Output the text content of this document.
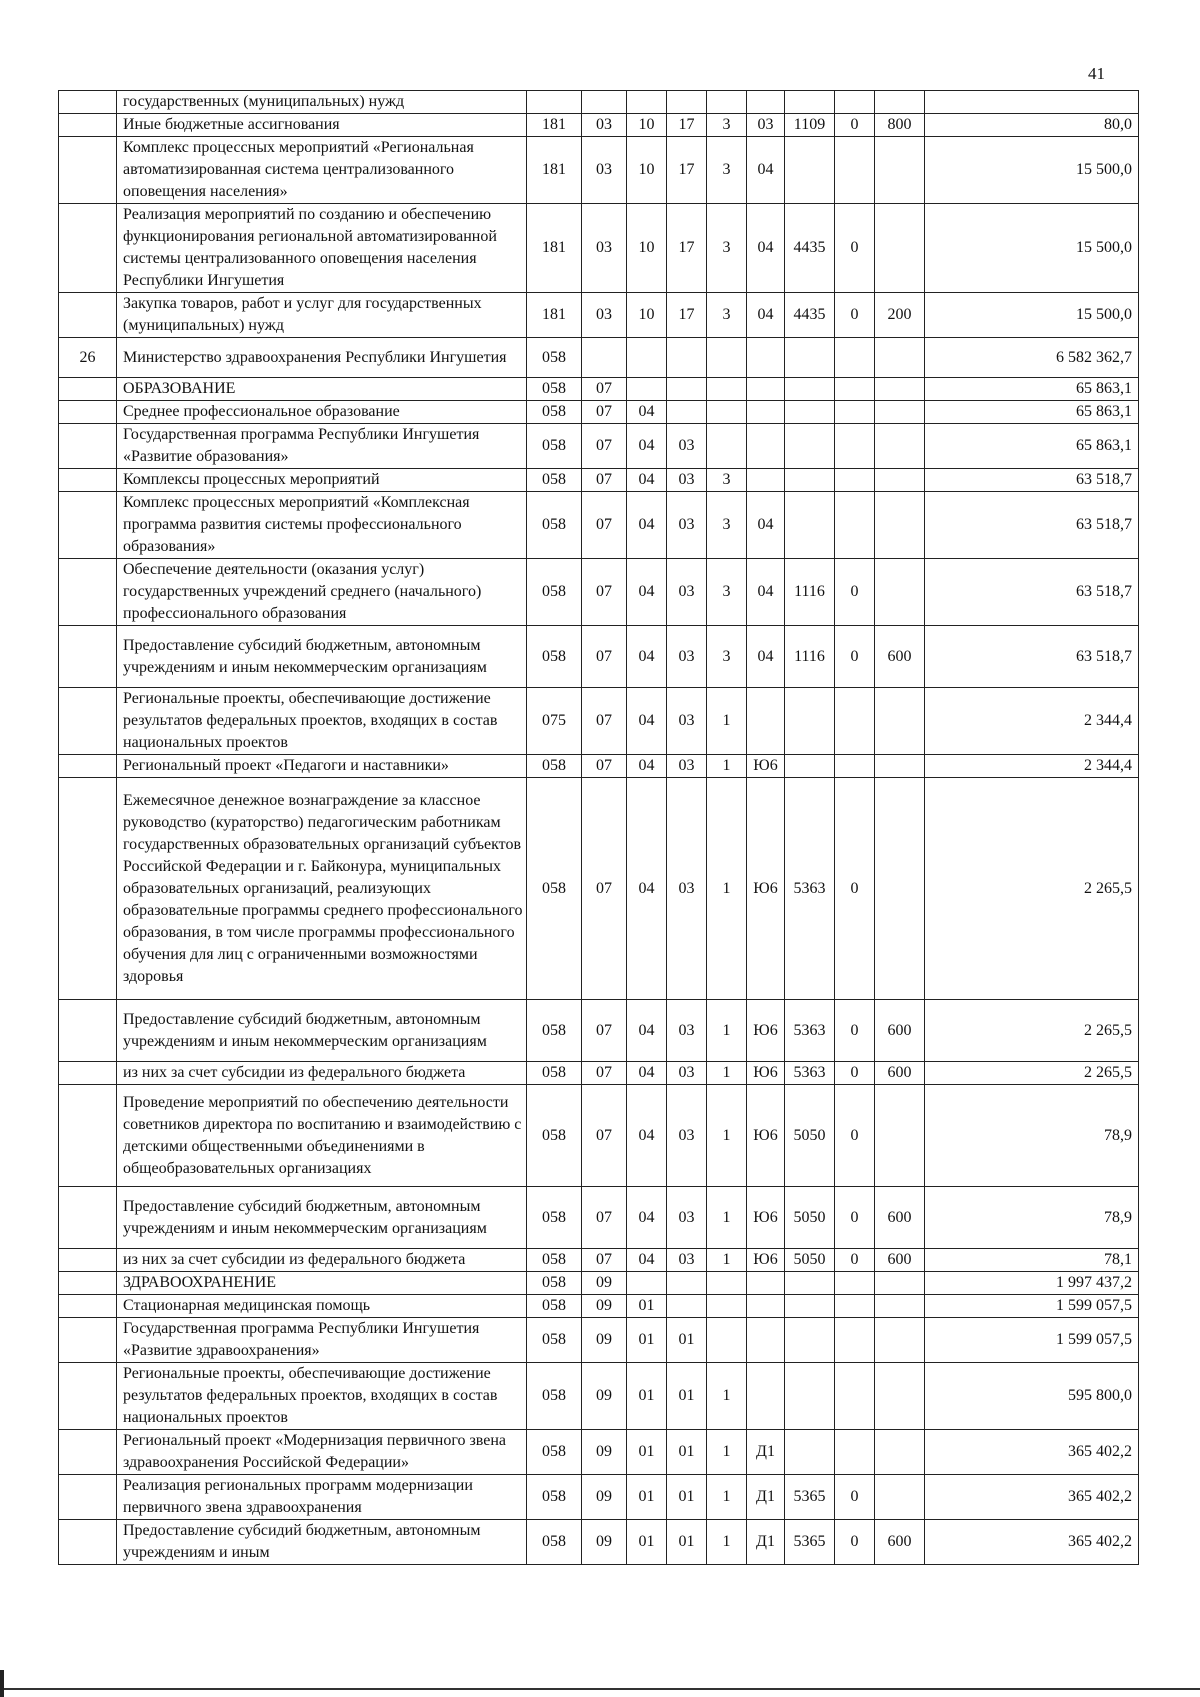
41
	государственных (муниципальных) нужд										
	Иные бюджетные ассигнования	181	03	10	17	3	03	1109	0	800	80,0
	Комплекс процессных мероприятий «Региональная автоматизированная система централизованного оповещения населения»	181	03	10	17	3	04				15 500,0
	Реализация мероприятий по созданию и обеспечению функционирования региональной автоматизированной системы централизованного оповещения населения Республики Ингушетия	181	03	10	17	3	04	4435	0		15 500,0
	Закупка товаров, работ и услуг для государственных (муниципальных) нужд	181	03	10	17	3	04	4435	0	200	15 500,0
26	Министерство здравоохранения Республики Ингушетия	058									6 582 362,7
	ОБРАЗОВАНИЕ	058	07								65 863,1
	Среднее профессиональное образование	058	07	04							65 863,1
	Государственная программа Республики Ингушетия «Развитие образования»	058	07	04	03						65 863,1
	Комплексы процессных мероприятий	058	07	04	03	3					63 518,7
	Комплекс процессных мероприятий «Комплексная программа развития системы профессионального образования»	058	07	04	03	3	04				63 518,7
	Обеспечение деятельности (оказания услуг) государственных учреждений среднего (начального) профессионального образования	058	07	04	03	3	04	1116	0		63 518,7
	Предоставление субсидий бюджетным, автономным учреждениям и иным некоммерческим организациям	058	07	04	03	3	04	1116	0	600	63 518,7
	Региональные проекты, обеспечивающие достижение результатов федеральных проектов, входящих в состав национальных проектов	075	07	04	03	1					2 344,4
	Региональный проект «Педагоги и наставники»	058	07	04	03	1	Ю6				2 344,4
	Ежемесячное денежное вознаграждение за классное руководство (кураторство) педагогическим работникам государственных образовательных организаций субъектов Российской Федерации и г. Байконура, муниципальных образовательных организаций, реализующих образовательные программы среднего профессионального образования, в том числе программы профессионального обучения для лиц с ограниченными возможностями здоровья	058	07	04	03	1	Ю6	5363	0		2 265,5
	Предоставление субсидий бюджетным, автономным учреждениям и иным некоммерческим организациям	058	07	04	03	1	Ю6	5363	0	600	2 265,5
	из них за счет субсидии из федерального бюджета	058	07	04	03	1	Ю6	5363	0	600	2 265,5
	Проведение мероприятий по обеспечению деятельности советников директора по воспитанию и взаимодействию с детскими общественными объединениями в общеобразовательных организациях	058	07	04	03	1	Ю6	5050	0		78,9
	Предоставление субсидий бюджетным, автономным учреждениям и иным некоммерческим организациям	058	07	04	03	1	Ю6	5050	0	600	78,9
	из них за счет субсидии из федерального бюджета	058	07	04	03	1	Ю6	5050	0	600	78,1
	ЗДРАВООХРАНЕНИЕ	058	09								1 997 437,2
	Стационарная медицинская помощь	058	09	01							1 599 057,5
	Государственная программа Республики Ингушетия «Развитие здравоохранения»	058	09	01	01						1 599 057,5
	Региональные проекты, обеспечивающие достижение результатов федеральных проектов, входящих в состав национальных проектов	058	09	01	01	1					595 800,0
	Региональный проект «Модернизация первичного звена здравоохранения Российской Федерации»	058	09	01	01	1	Д1				365 402,2
	Реализация региональных программ модернизации первичного звена здравоохранения	058	09	01	01	1	Д1	5365	0		365 402,2
	Предоставление субсидий бюджетным, автономным учреждениям и иным	058	09	01	01	1	Д1	5365	0	600	365 402,2
